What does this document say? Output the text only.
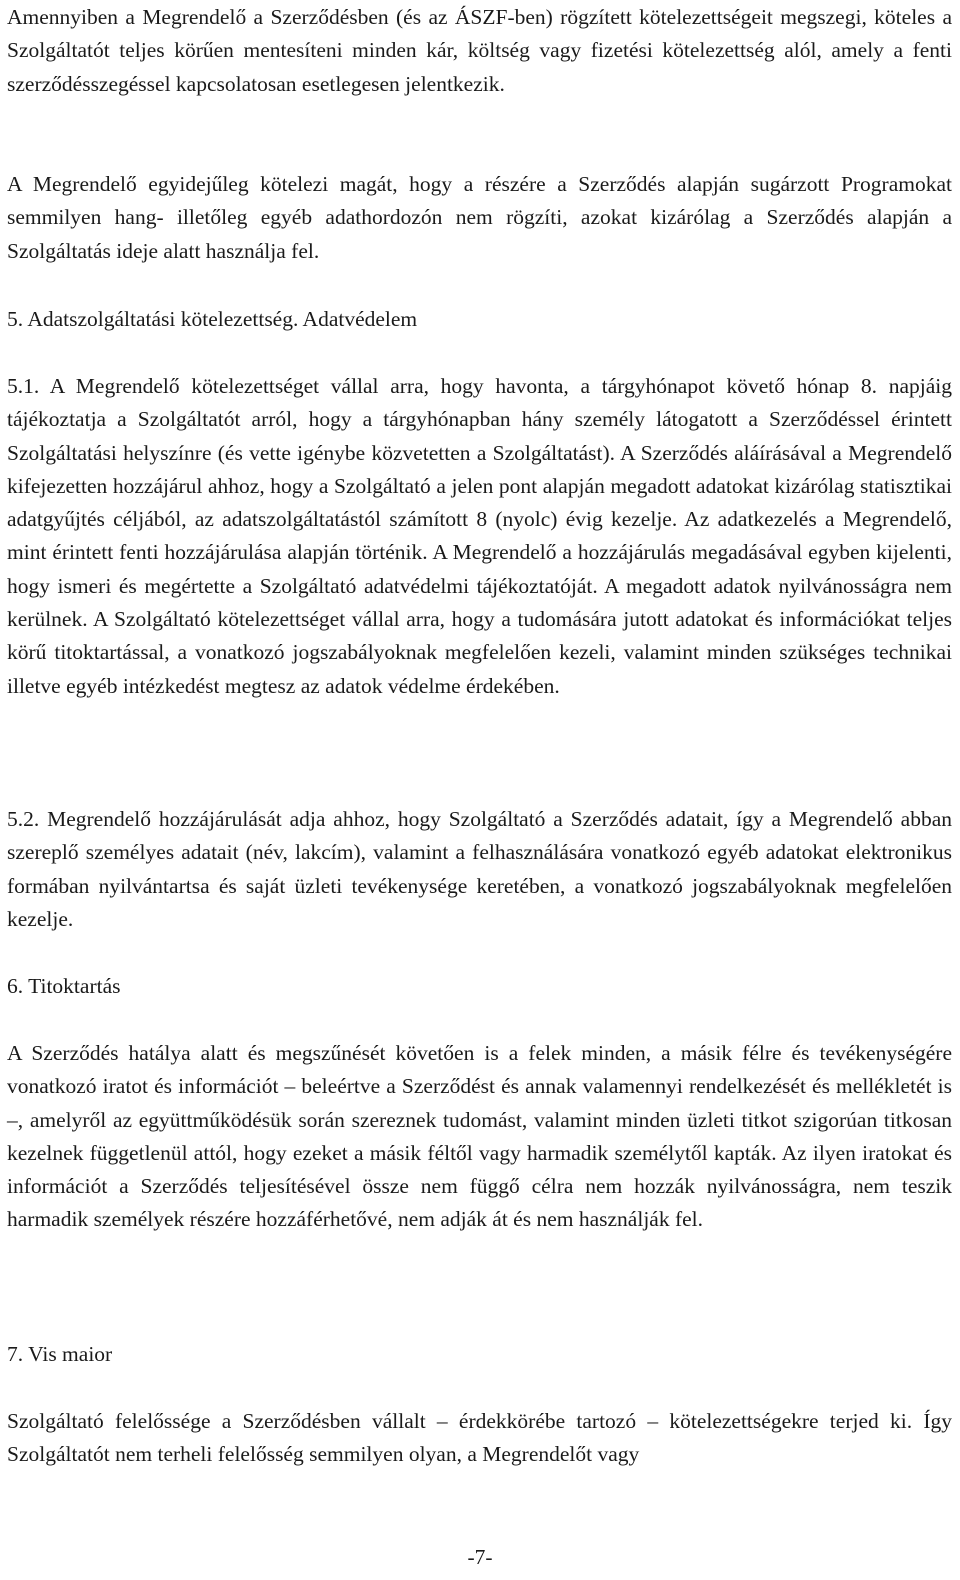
Amennyiben a Megrendelő a Szerződésben (és az ÁSZF-ben) rögzített kötelezettségeit megszegi, köteles a Szolgáltatót teljes körűen mentesíteni minden kár, költség vagy fizetési kötelezettség alól, amely a fenti szerződésszegéssel kapcsolatosan esetlegesen jelentkezik.

A Megrendelő egyidejűleg kötelezi magát, hogy a részére a Szerződés alapján sugárzott Programokat semmilyen hang- illetőleg egyéb adathordozón nem rögzíti, azokat kizárólag a Szerződés alapján a Szolgáltatás ideje alatt használja fel.

5. Adatszolgáltatási kötelezettség. Adatvédelem

5.1. A Megrendelő kötelezettséget vállal arra, hogy havonta, a tárgyhónapot követő hónap 8. napjáig tájékoztatja a Szolgáltatót arról, hogy a tárgyhónapban hány személy látogatott a Szerződéssel érintett Szolgáltatási helyszínre (és vette igénybe közvetetten a Szolgáltatást). A Szerződés aláírásával a Megrendelő kifejezetten hozzájárul ahhoz, hogy a Szolgáltató a jelen pont alapján megadott adatokat kizárólag statisztikai adatgyűjtés céljából, az adatszolgáltatástól számított 8 (nyolc) évig kezelje. Az adatkezelés a Megrendelő, mint érintett fenti hozzájárulása alapján történik. A Megrendelő a hozzájárulás megadásával egyben kijelenti, hogy ismeri és megértette a Szolgáltató adatvédelmi tájékoztatóját. A megadott adatok nyilvánosságra nem kerülnek. A Szolgáltató kötelezettséget vállal arra, hogy a tudomására jutott adatokat és információkat teljes körű titoktartással, a vonatkozó jogszabályoknak megfelelően kezeli, valamint minden szükséges technikai illetve egyéb intézkedést megtesz az adatok védelme érdekében.

5.2. Megrendelő hozzájárulását adja ahhoz, hogy Szolgáltató a Szerződés adatait, így a Megrendelő abban szereplő személyes adatait (név, lakcím), valamint a felhasználására vonatkozó egyéb adatokat elektronikus formában nyilvántartsa és saját üzleti tevékenysége keretében, a vonatkozó jogszabályoknak megfelelően kezelje.

6. Titoktartás

A Szerződés hatálya alatt és megszűnését követően is a felek minden, a másik félre és tevékenységére vonatkozó iratot és információt – beleértve a Szerződést és annak valamennyi rendelkezését és mellékletét is –, amelyről az együttműködésük során szereznek tudomást, valamint minden üzleti titkot szigorúan titkosan kezelnek függetlenül attól, hogy ezeket a másik féltől vagy harmadik személytől kapták. Az ilyen iratokat és információt a Szerződés teljesítésével össze nem függő célra nem hozzák nyilvánosságra, nem teszik harmadik személyek részére hozzáférhetővé, nem adják át és nem használják fel.

7. Vis maior

Szolgáltató felelőssége a Szerződésben vállalt – érdekkörébe tartozó – kötelezettségekre terjed ki. Így Szolgáltatót nem terheli felelősség semmilyen olyan, a Megrendelőt vagy

-7-
